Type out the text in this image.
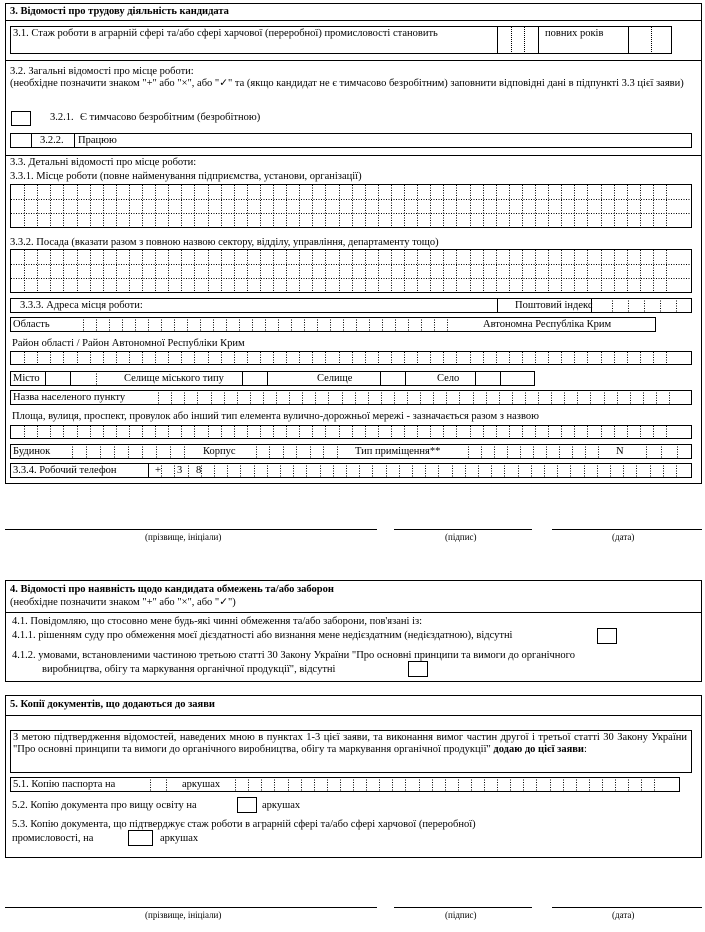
3. Відомості про трудову діяльність кандидата
3.1. Стаж роботи в аграрній сфері та/або сфері харчової (переробної) промисловості становить	повних років
3.2. Загальні відомості про місце роботи:
(необхідне позначити знаком "+" або "×", або "✓" та (якщо кандидат не є тимчасово безробітним) заповнити відповідні дані в підпункті 3.3 цієї заяви)
3.2.1. Є тимчасово безробітним (безробітною)
3.2.2. Працюю
3.3. Детальні відомості про місце роботи:
3.3.1. Місце роботи (повне найменування підприємства, установи, організації)
3.3.2. Посада (вказати разом з повною назвою сектору, відділу, управління, департаменту тощо)
3.3.3. Адреса місця роботи:	Поштовий індекс
Область	Автономна Республіка Крим
Район області / Район Автономної Республіки Крим
Місто	Селище міського типу	Селище	Село
Назва населеного пункту
Площа, вулиця, проспект, провулок або інший тип елемента вулично-дорожньої мережі - зазначається разом з назвою
Будинок	Корпус	Тип приміщення**	N
3.3.4. Робочий телефон	+ 3 8
(прізвище, ініціали)	(підпис)	(дата)
4. Відомості про наявність щодо кандидата обмежень та/або заборон
(необхідне позначити знаком "+" або "×", або "✓")
4.1. Повідомляю, що стосовно мене будь-які чинні обмеження та/або заборони, пов'язані із:
4.1.1. рішенням суду про обмеження моєї дієздатності або визнання мене недієздатним (недієздатною), відсутні
4.1.2. умовами, встановленими частиною третьою статті 30 Закону України "Про основні принципи та вимоги до органічного
виробництва, обігу та маркування органічної продукції", відсутні
5. Копії документів, що додаються до заяви
З метою підтвердження відомостей, наведених мною в пунктах 1-3 цієї заяви, та виконання вимог частин другої і третьої статті 30 Закону України "Про основні принципи та вимоги до органічного виробництва, обігу та маркування органічної продукції" додаю до цієї заяви:
5.1. Копію паспорта на	аркушах
5.2. Копію документа про вищу освіту на	аркушах
5.3. Копію документа, що підтверджує стаж роботи в аграрній сфері та/або сфері харчової (переробної)
промисловості, на	аркушах
(прізвище, ініціали)	(підпис)	(дата)
